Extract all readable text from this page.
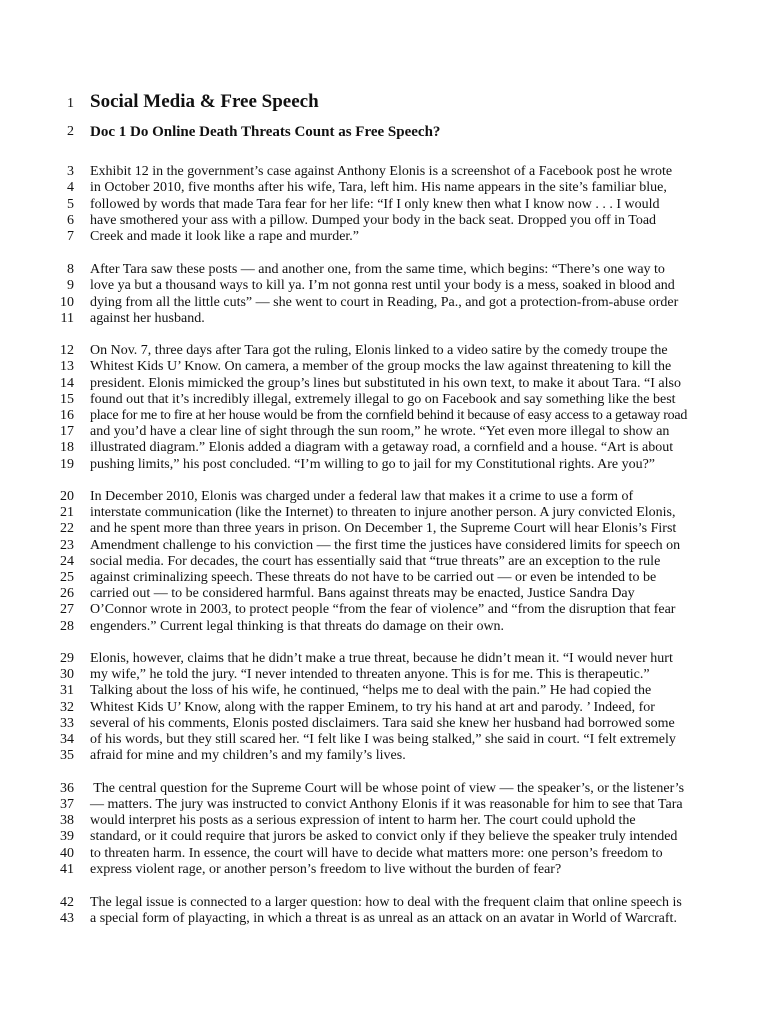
1 Social Media & Free Speech
2 Doc 1 Do Online Death Threats Count as Free Speech?
3 Exhibit 12 in the government’s case against Anthony Elonis is a screenshot of a Facebook post he wrote
4 in October 2010, five months after his wife, Tara, left him. His name appears in the site’s familiar blue,
5 followed by words that made Tara fear for her life: “If I only knew then what I know now . . . I would
6 have smothered your ass with a pillow. Dumped your body in the back seat. Dropped you off in Toad
7 Creek and made it look like a rape and murder.”
8 After Tara saw these posts — and another one, from the same time, which begins: “There’s one way to
9 love ya but a thousand ways to kill ya. I’m not gonna rest until your body is a mess, soaked in blood and
10 dying from all the little cuts” — she went to court in Reading, Pa., and got a protection-from-abuse order
11 against her husband.
12 On Nov. 7, three days after Tara got the ruling, Elonis linked to a video satire by the comedy troupe the
13 Whitest Kids U’ Know. On camera, a member of the group mocks the law against threatening to kill the
14 president. Elonis mimicked the group’s lines but substituted in his own text, to make it about Tara. “I also
15 found out that it’s incredibly illegal, extremely illegal to go on Facebook and say something like the best
16 place for me to fire at her house would be from the cornfield behind it because of easy access to a getaway road
17 and you’d have a clear line of sight through the sun room,” he wrote. “Yet even more illegal to show an
18 illustrated diagram.” Elonis added a diagram with a getaway road, a cornfield and a house. “Art is about
19 pushing limits,” his post concluded. “I’m willing to go to jail for my Constitutional rights. Are you?”
20 In December 2010, Elonis was charged under a federal law that makes it a crime to use a form of
21 interstate communication (like the Internet) to threaten to injure another person. A jury convicted Elonis,
22 and he spent more than three years in prison. On December 1, the Supreme Court will hear Elonis’s First
23 Amendment challenge to his conviction — the first time the justices have considered limits for speech on
24 social media. For decades, the court has essentially said that “true threats” are an exception to the rule
25 against criminalizing speech. These threats do not have to be carried out — or even be intended to be
26 carried out — to be considered harmful. Bans against threats may be enacted, Justice Sandra Day
27 O’Connor wrote in 2003, to protect people “from the fear of violence” and “from the disruption that fear
28 engenders.” Current legal thinking is that threats do damage on their own.
29 Elonis, however, claims that he didn’t make a true threat, because he didn’t mean it. “I would never hurt
30 my wife,” he told the jury. “I never intended to threaten anyone. This is for me. This is therapeutic.”
31 Talking about the loss of his wife, he continued, “helps me to deal with the pain.” He had copied the
32 Whitest Kids U’ Know, along with the rapper Eminem, to try his hand at art and parody. ’ Indeed, for
33 several of his comments, Elonis posted disclaimers. Tara said she knew her husband had borrowed some
34 of his words, but they still scared her. “I felt like I was being stalked,” she said in court. “I felt extremely
35 afraid for mine and my children’s and my family’s lives.
36 The central question for the Supreme Court will be whose point of view — the speaker’s, or the listener’s
37 — matters. The jury was instructed to convict Anthony Elonis if it was reasonable for him to see that Tara
38 would interpret his posts as a serious expression of intent to harm her. The court could uphold the
39 standard, or it could require that jurors be asked to convict only if they believe the speaker truly intended
40 to threaten harm. In essence, the court will have to decide what matters more: one person’s freedom to
41 express violent rage, or another person’s freedom to live without the burden of fear?
42 The legal issue is connected to a larger question: how to deal with the frequent claim that online speech is
43 a special form of playacting, in which a threat is as unreal as an attack on an avatar in World of Warcraft.
